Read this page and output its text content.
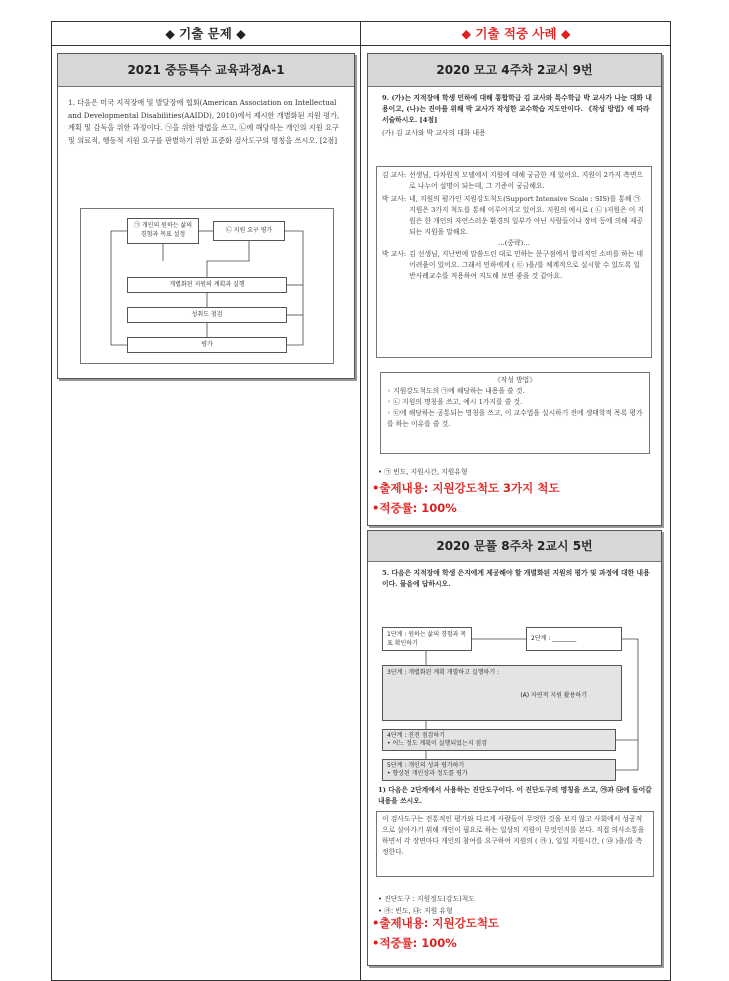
◆ 기출 문제 ◆	◆ 기출 적중 사례 ◆
2021 중등특수 교육과정A-1
1. 다음은 미국 지적장애 및 발달장애 협회(American Association on Intellectual and Developmental Disabilities(AAIDD), 2010)에서 제시한 개별화된 지원 평가, 계획 및 감독을 위한 과정이다. ㉠을 위한 방법을 쓰고, ㉡에 해당하는 개인의 지원 요구 및 의료적, 행동적 지원 요구를 판별하기 위한 표준화 검사도구의 명칭을 쓰시오. [2점]
㉠ 개인의 원하는 삶의 경험과 목표 설정
㉡ 지원 요구 평가
개별화된 지원의 계획과 실행
성취도 점검
평가
2020 모고 4주차 2교시 9번
9. (가)는 지적장애 학생 민하에 대해 통합학급 김 교사와 특수학급 박 교사가 나눈 대화 내용이고, (나)는 진아를 위해 박 교사가 작성한 교수학습 지도안이다. 《작성 방법》에 따라 서술하시오. [4점]
(가) 김 교사와 박 교사의 대화 내용
김 교사: 선생님, 다차원적 모델에서 지원에 대해 궁금한 게 있어요. 지원이 2가지 측면으로 나누어 설명이 되는데, 그 기준이 궁금해요.
박 교사: 네, 지원의 평가인 지원강도척도(Support Intensive Scale : SIS)를 통해 ㉠ 지원은 3가지 척도를 통해 이루어지고 있어요. 지원의 예시로 ( ㉡ )지원은 이 지원은 한 개인의 자연스러운 환경의 일부가 아닌 사람들이나 장비 등에 의해 제공되는 지원을 말해요.
…(중략)…
박 교사: 김 선생님, 지난번에 말씀드린 대로 민하는 문구점에서 합리적인 소비를 하는 데 어려움이 있어요. 그래서 민하에게 ( ㉢ )을/를 체계적으로 실시할 수 있도록 일반사례교수를 적용하여 지도해 보면 좋을 것 같아요.
《작성 방법》
◦ 지원강도척도의 ㉠에 해당하는 내용을 쓸 것.
◦ ㉡ 지원의 명칭을 쓰고, 예시 1가지를 쓸 것.
◦ ㉢에 해당하는 공통되는 명칭을 쓰고, 이 교수법을 실시하기 전에 생태학적 목록 평가를 하는 이유를 쓸 것.
• ㉠ 빈도, 지원시간, 지원유형
•출제내용: 지원강도척도 3가지 척도
•적중률: 100%
2020 문풀 8주차 2교시 5번
5. 다음은 지적장애 학생 은지에게 제공해야 할 개별화된 지원의 평가 및 과정에 대한 내용이다. 물음에 답하시오.
1단계 : 원하는 삶의 경험과 목표 확인하기
2단계 : ________
3단계 : 개별화된 계획 개발하고 실행하기 :
(A) 자연적 지원 활용하기
4단계 : 진전 점검하기
• 어느 정도 계획이 실행되었는지 점검
5단계 : 개인의 성과 평가하기
• 향상된 개인상과 정도를 평가
1) 다음은 2단계에서 사용하는 진단도구이다. 이 진단도구의 명칭을 쓰고, ㉮과 ㉯에 들어갈 내용을 쓰시오.
이 검사도구는 전통적인 평가와 다르게 사람들이 무엇한 것을 보지 않고 사회에서 성공적으로 살아가기 위해 개인이 필요로 하는 일상의 지원이 무엇인지를 본다. 직접 의사소통을 하면서 각 장면마다 개인의 참여를 요구하여 지원의 ( ㉮ ), 일일 지원시간, ( ㉯ )을/를 측정한다.
• 진단도구 : 지원정도(강도)척도
• ㉮: 빈도, ㉯: 지원 유형
•출제내용: 지원강도척도
•적중률: 100%
